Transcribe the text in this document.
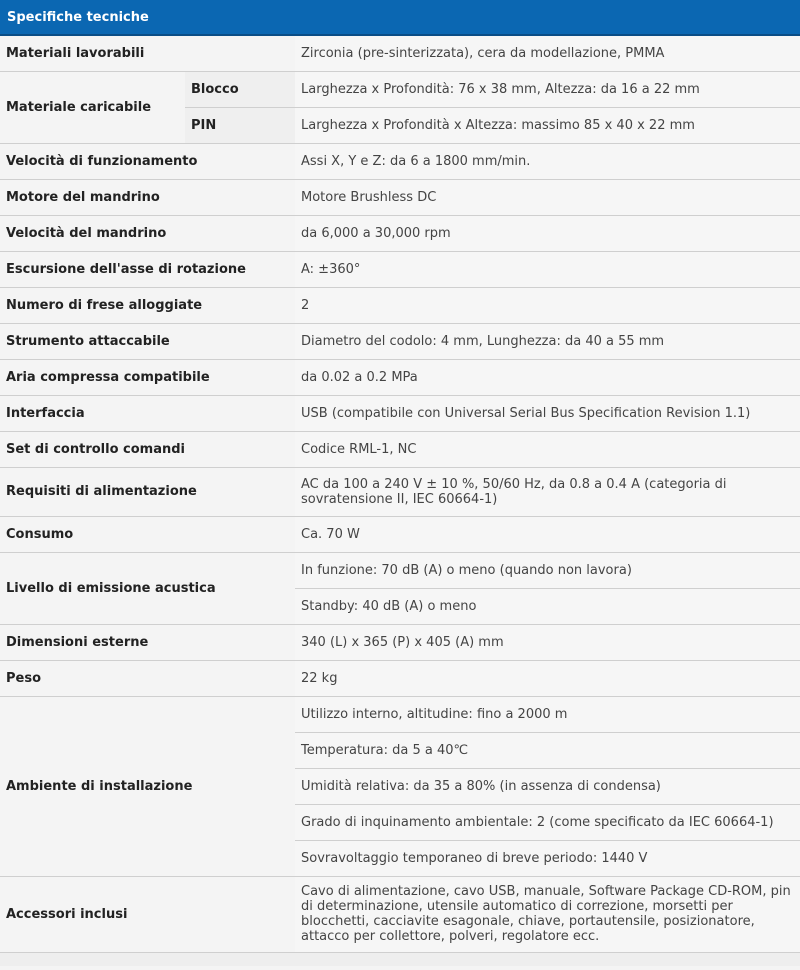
Specifiche tecniche		
Materiali lavorabili		Zirconia (pre-sinterizzata), cera da modellazione, PMMA
Materiale caricabile	Blocco	Larghezza x Profondità: 76 x 38 mm, Altezza: da 16 a 22 mm
	PIN	Larghezza x Profondità x Altezza: massimo 85 x 40 x 22 mm
Velocità di funzionamento		Assi X, Y e Z: da 6 a 1800 mm/min.
Motore del mandrino		Motore Brushless DC
Velocità del mandrino		da 6,000 a 30,000 rpm
Escursione dell'asse di rotazione		A: ±360°
Numero di frese alloggiate		2
Strumento attaccabile		Diametro del codolo: 4 mm, Lunghezza: da 40 a 55 mm
Aria compressa compatibile		da 0.02 a 0.2 MPa
Interfaccia		USB (compatibile con Universal Serial Bus Specification Revision 1.1)
Set di controllo comandi		Codice RML-1, NC
Requisiti di alimentazione		AC da 100 a 240 V ± 10 %, 50/60 Hz, da 0.8 a 0.4 A (categoria di sovratensione II, IEC 60664-1)
Consumo		Ca. 70 W
Livello di emissione acustica		In funzione: 70 dB (A) o meno (quando non lavora)
		Standby: 40 dB (A) o meno
Dimensioni esterne		340 (L) x 365 (P) x 405 (A) mm
Peso		22 kg
Ambiente di installazione		Utilizzo interno, altitudine: fino a 2000 m
		Temperatura: da 5 a 40℃
		Umidità relativa: da 35 a 80% (in assenza di condensa)
		Grado di inquinamento ambientale: 2 (come specificato da IEC 60664-1)
		Sovravoltaggio temporaneo di breve periodo: 1440 V
Accessori inclusi		Cavo di alimentazione, cavo USB, manuale, Software Package CD-ROM, pin di determinazione, utensile automatico di correzione, morsetti per blocchetti, cacciavite esagonale, chiave, portautensile, posizionatore, attacco per collettore, polveri, regolatore ecc.
